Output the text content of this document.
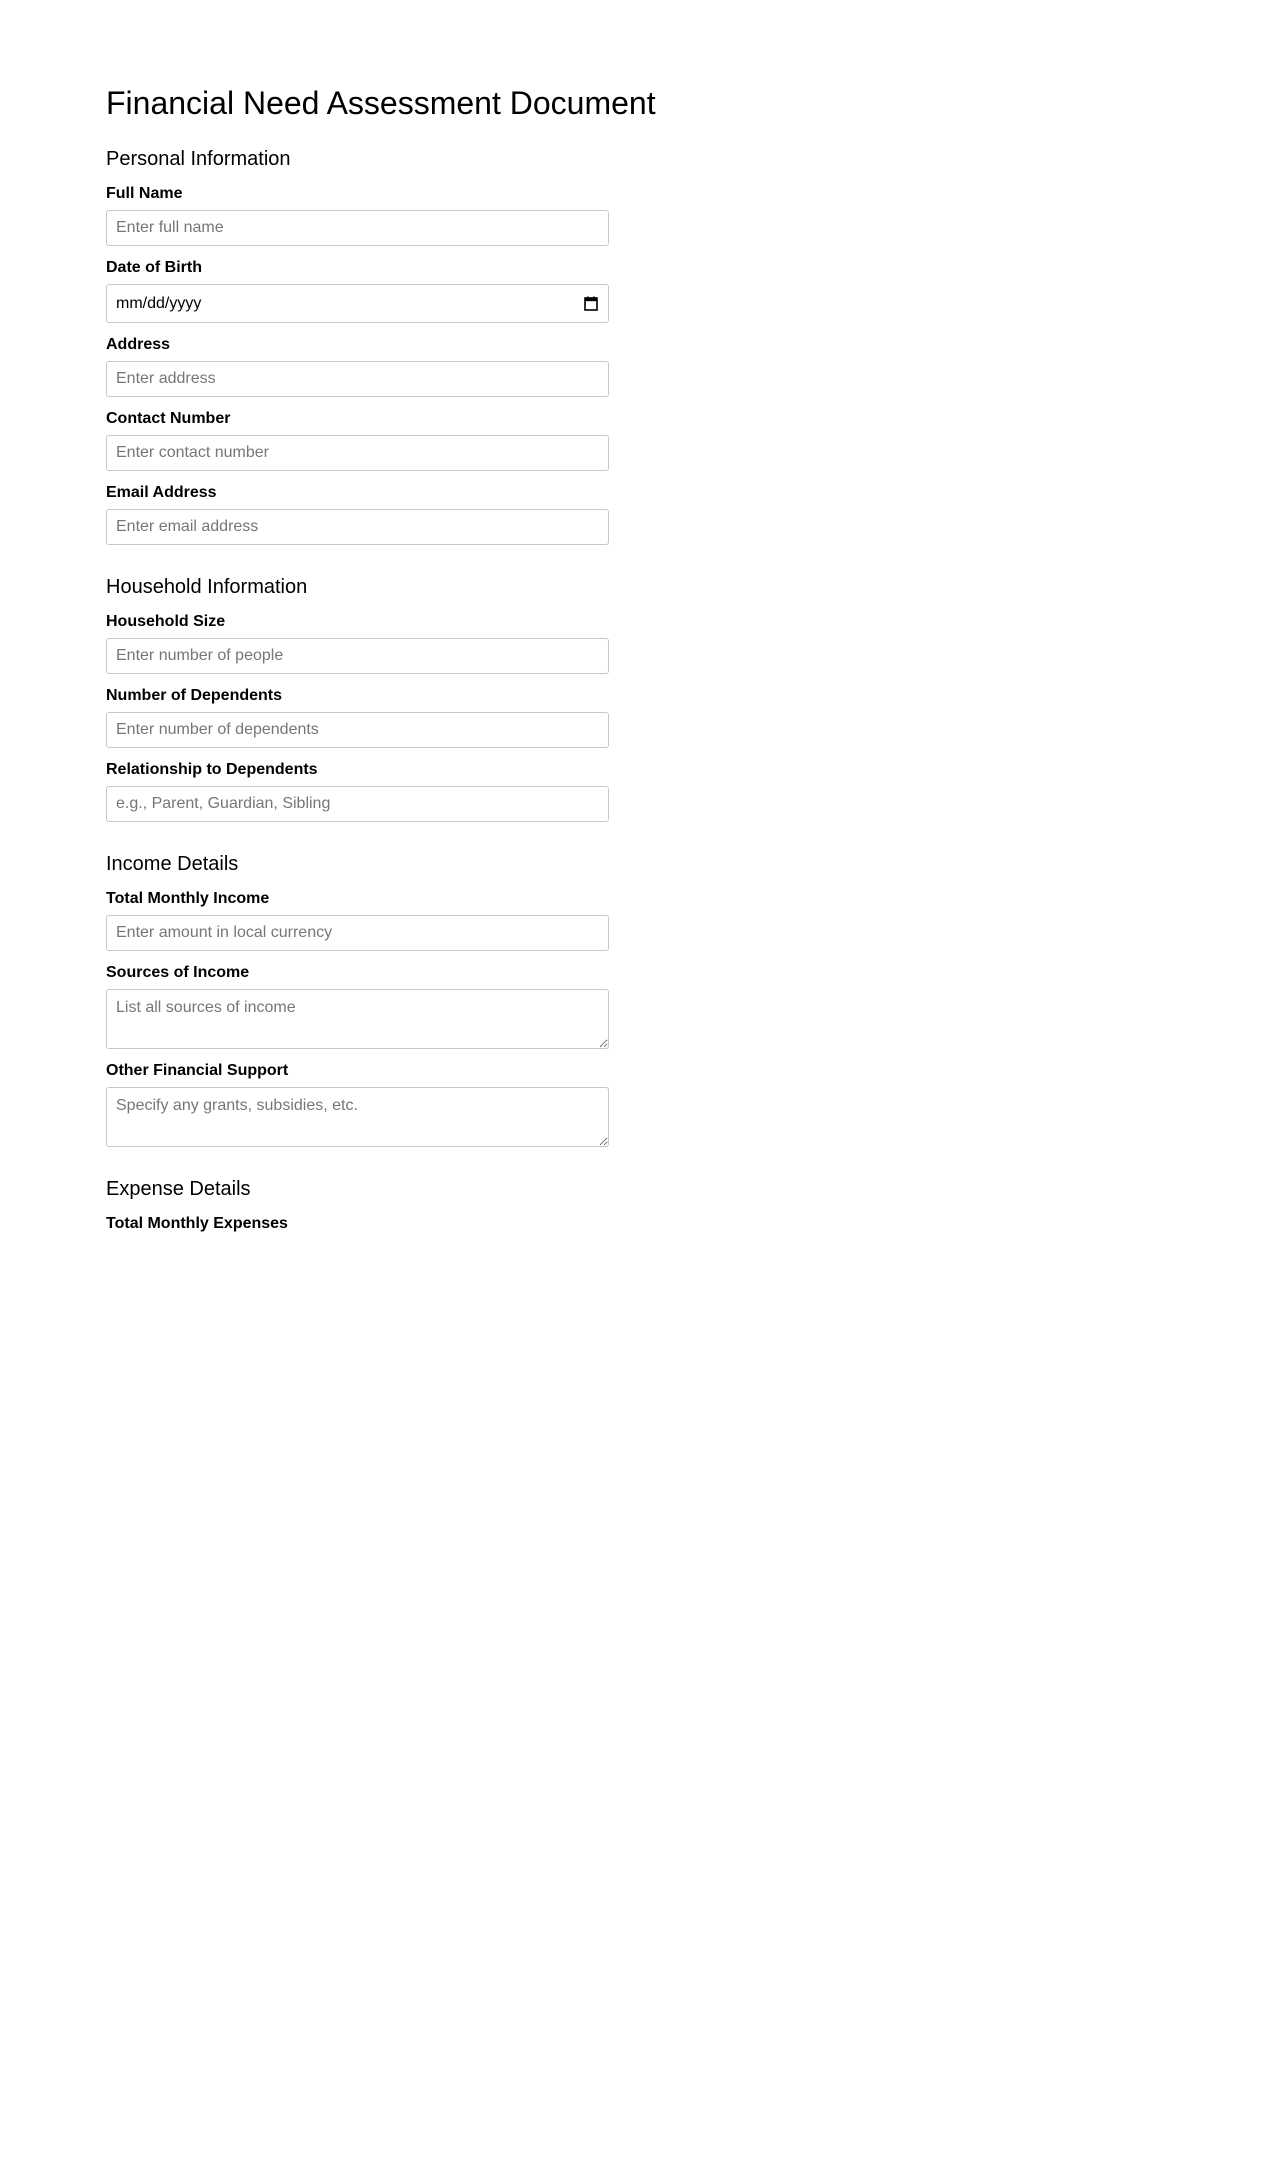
Financial Need Assessment Document
Personal Information
Full Name
Enter full name
Date of Birth
mm/dd/yyyy
Address
Enter address
Contact Number
Enter contact number
Email Address
Enter email address
Household Information
Household Size
Enter number of people
Number of Dependents
Enter number of dependents
Relationship to Dependents
e.g., Parent, Guardian, Sibling
Income Details
Total Monthly Income
Enter amount in local currency
Sources of Income
List all sources of income
Other Financial Support
Specify any grants, subsidies, etc.
Expense Details
Total Monthly Expenses
